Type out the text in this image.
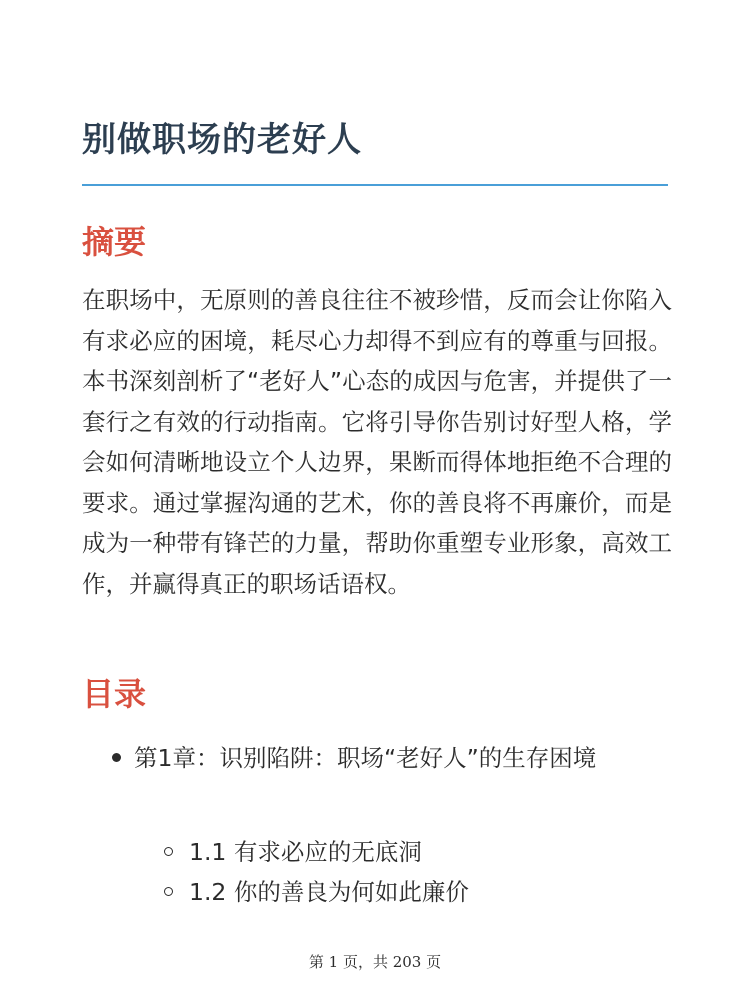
别做职场的老好人
摘要

在职场中，无原则的善良往往不被珍惜，反而会让你陷入有求必应的困境，耗尽心力却得不到应有的尊重与回报。本书深刻剖析了“老好人”心态的成因与危害，并提供了一套行之有效的行动指南。它将引导你告别讨好型人格，学会如何清晰地设立个人边界，果断而得体地拒绝不合理的要求。通过掌握沟通的艺术，你的善良将不再廉价，而是成为一种带有锋芒的力量，帮助你重塑专业形象，高效工作，并赢得真正的职场话语权。

目录
第1章：识别陷阱：职场“老好人”的生存困境
1.1 有求必应的无底洞
1.2 你的善良为何如此廉价
第 1 页，共 203 页
